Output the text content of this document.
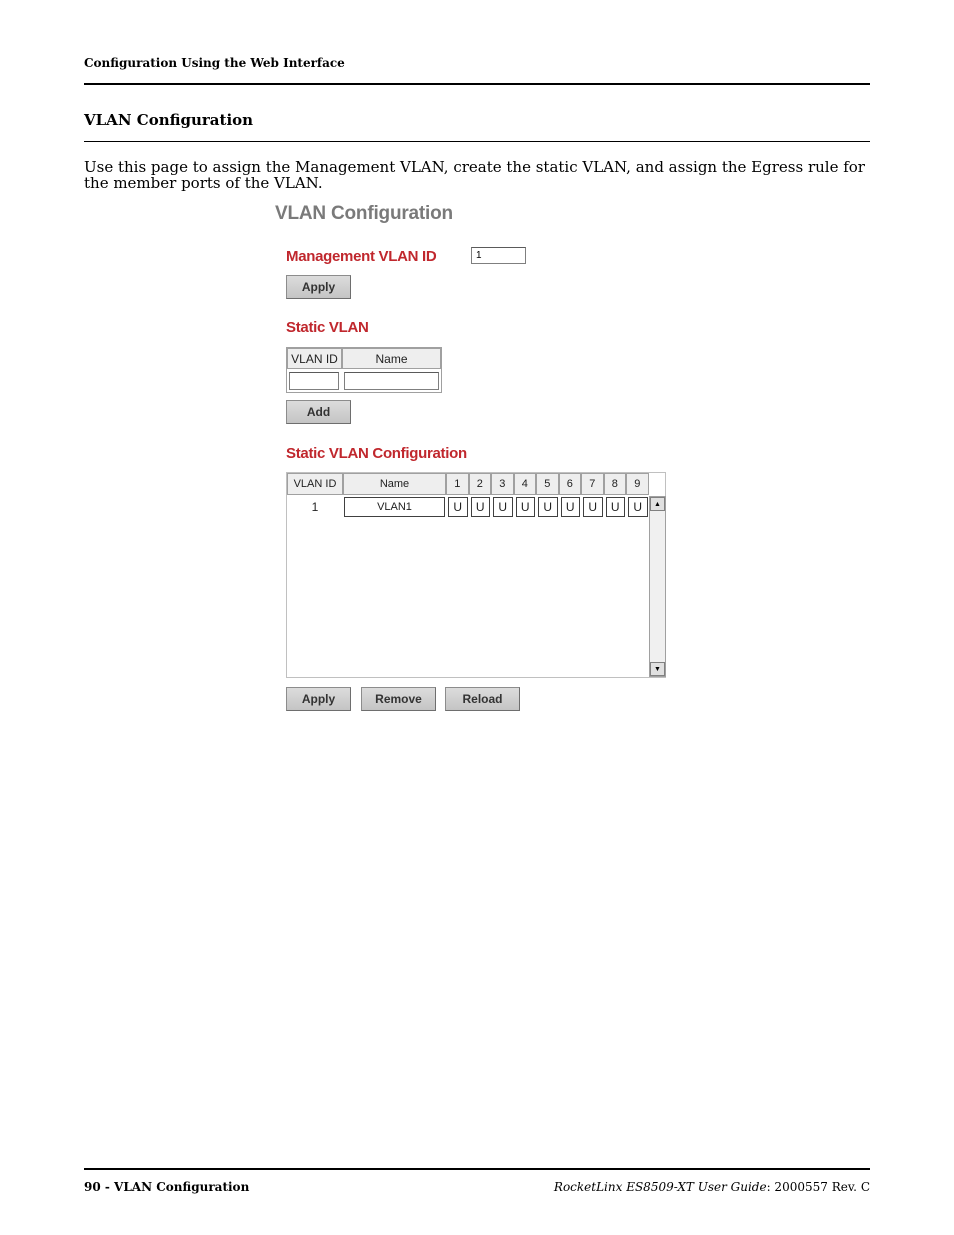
Configuration Using the Web Interface
VLAN Configuration
Use this page to assign the Management VLAN, create the static VLAN, and assign the Egress rule for the member ports of the VLAN.
VLAN Configuration
Management VLAN ID
1
Apply
Static VLAN
VLAN ID	Name
Add
Static VLAN Configuration
VLAN ID	Name	1	2	3	4	5	6	7	8	9
1	VLAN1	U	U	U	U	U	U	U	U	U	▲
▼
Apply	Remove	Reload
90 - VLAN Configuration	RocketLinx ES8509-XT User Guide: 2000557 Rev. C
